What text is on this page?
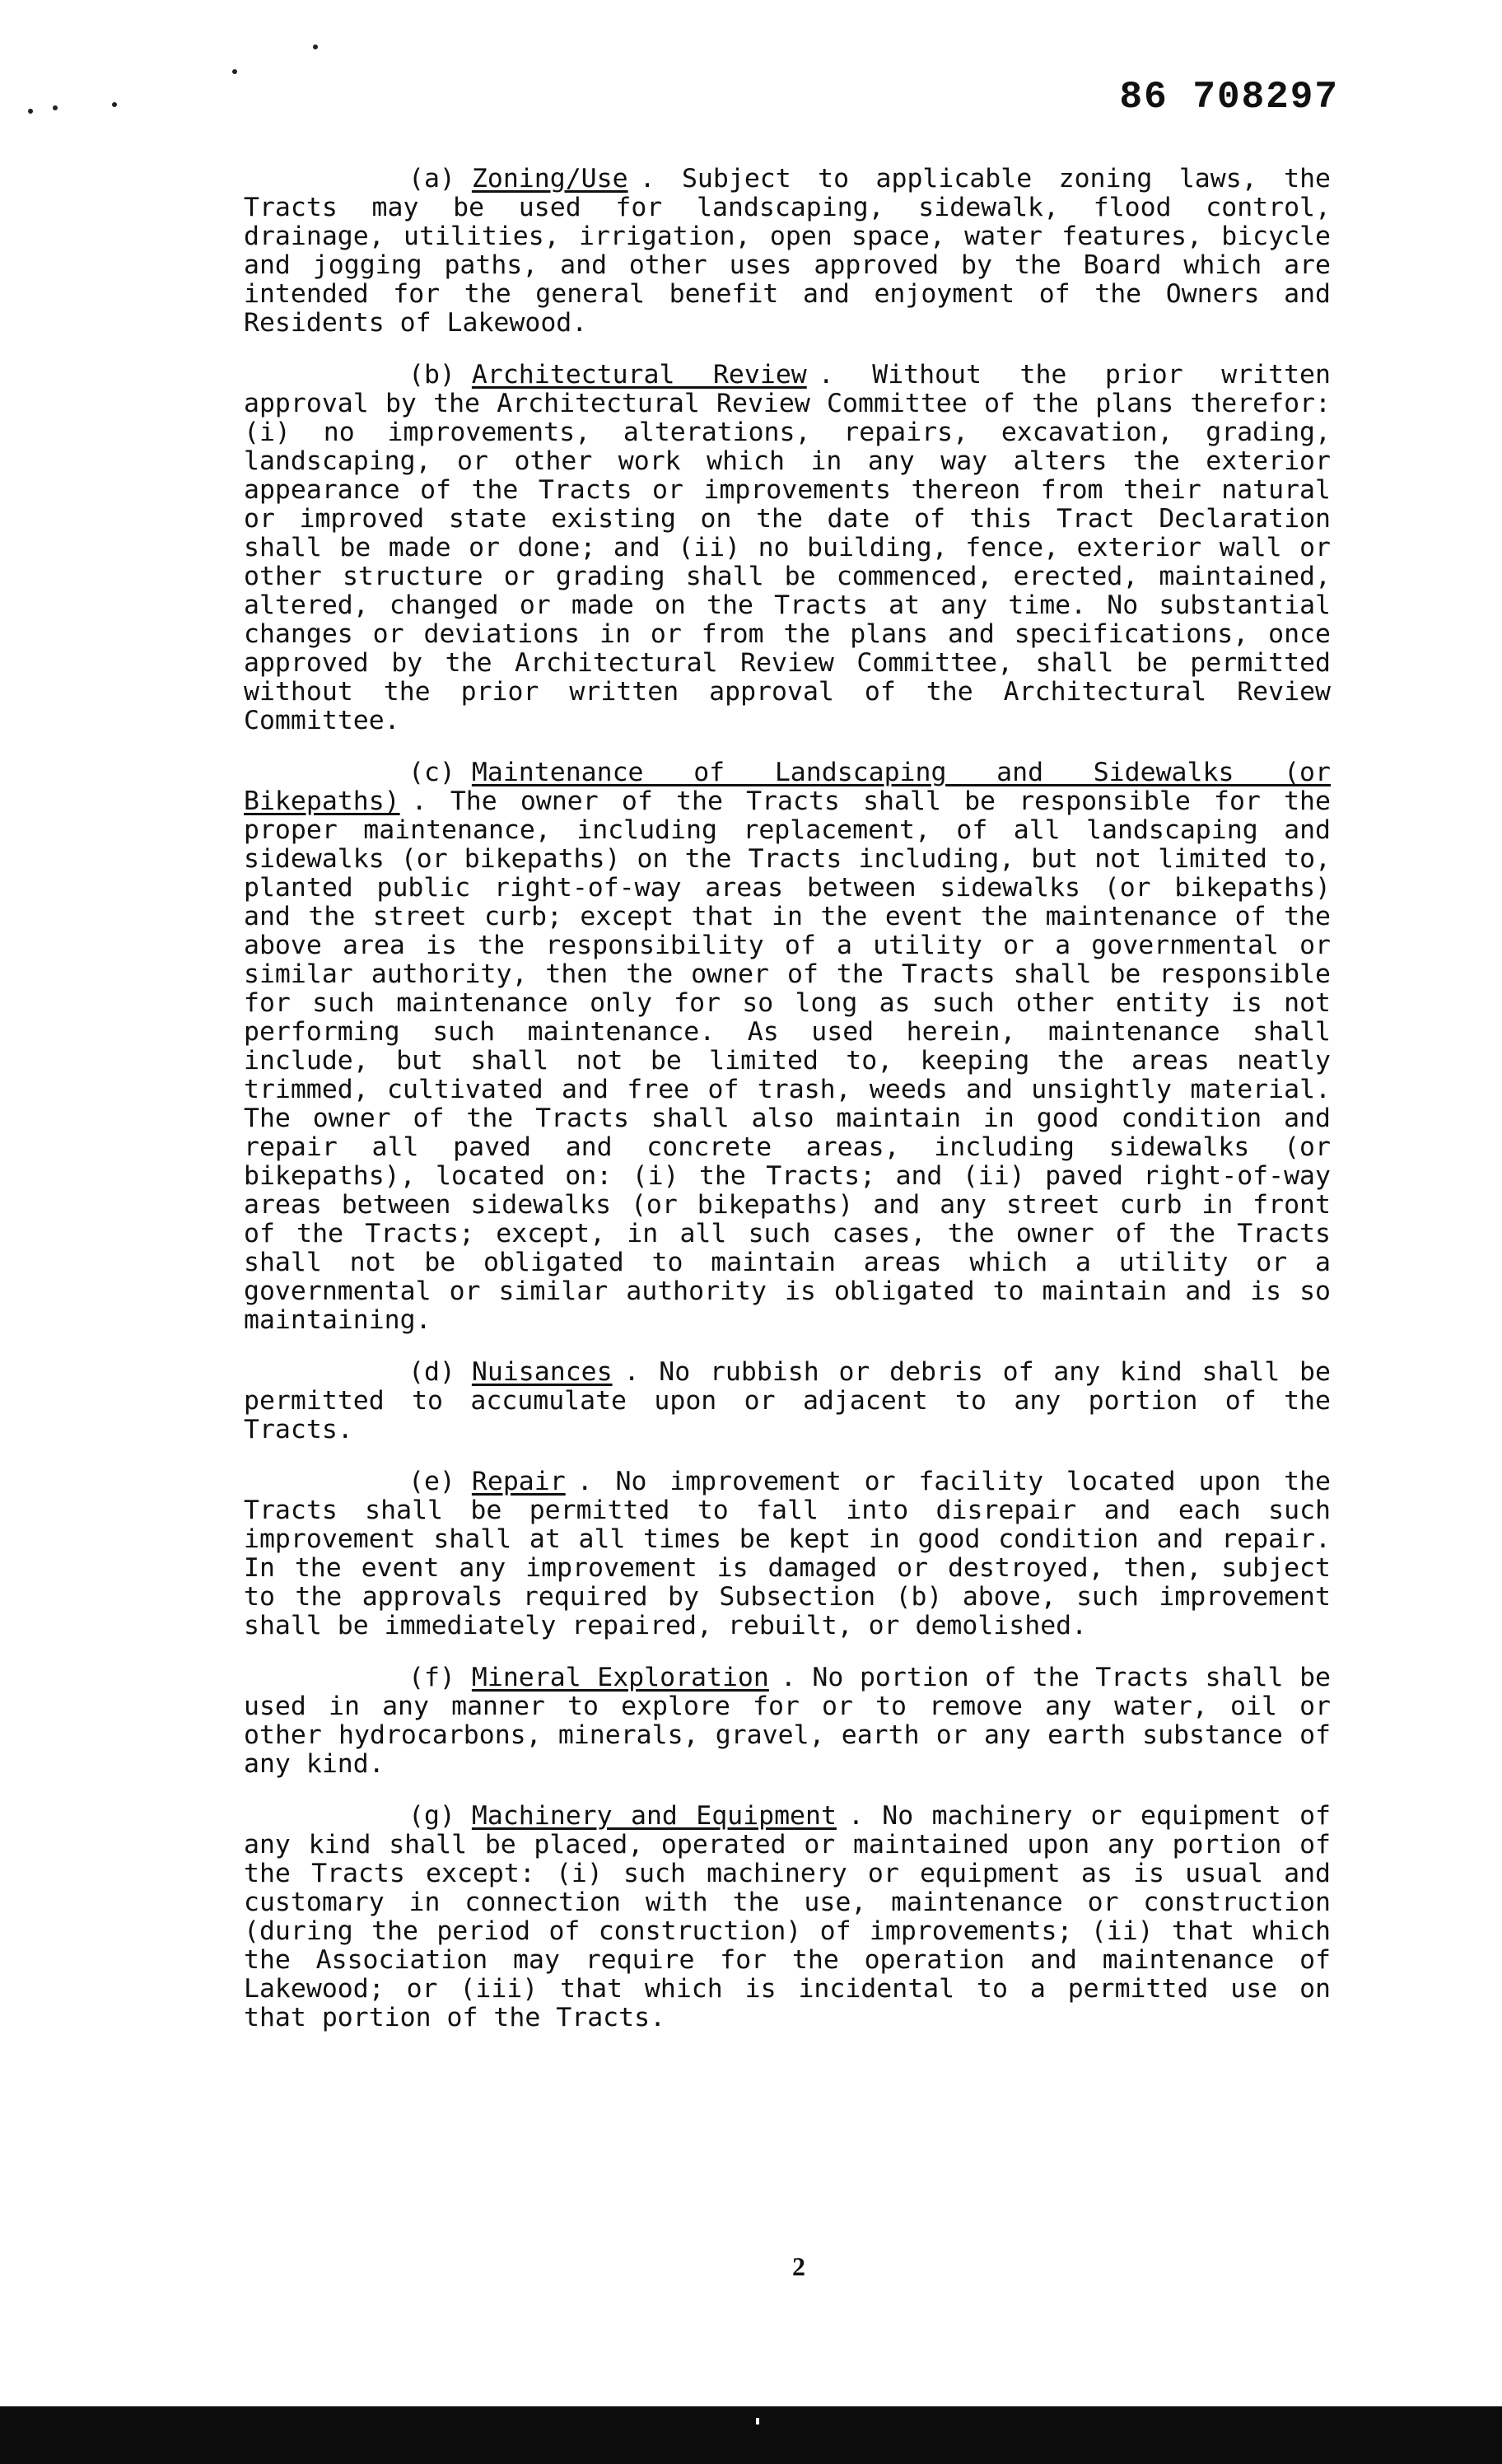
86 708297

(a) Zoning/Use . Subject to applicable zoning laws, the Tracts may be used for landscaping, sidewalk, flood control, drainage, utilities, irrigation, open space, water features, bicycle and jogging paths, and other uses approved by the Board which are intended for the general benefit and enjoyment of the Owners and Residents of Lakewood.

(b) Architectural Review . Without the prior written approval by the Architectural Review Committee of the plans therefor: (i) no improvements, alterations, repairs, excavation, grading, landscaping, or other work which in any way alters the exterior appearance of the Tracts or improvements thereon from their natural or improved state existing on the date of this Tract Declaration shall be made or done; and (ii) no building, fence, exterior wall or other structure or grading shall be commenced, erected, maintained, altered, changed or made on the Tracts at any time. No substantial changes or deviations in or from the plans and specifications, once approved by the Architectural Review Committee, shall be permitted without the prior written approval of the Architectural Review Committee.

(c) Maintenance of Landscaping and Sidewalks (or Bikepaths) . The owner of the Tracts shall be responsible for the proper maintenance, including replacement, of all landscaping and sidewalks (or bikepaths) on the Tracts including, but not limited to, planted public right-of-way areas between sidewalks (or bikepaths) and the street curb; except that in the event the maintenance of the above area is the responsibility of a utility or a governmental or similar authority, then the owner of the Tracts shall be responsible for such maintenance only for so long as such other entity is not performing such maintenance. As used herein, maintenance shall include, but shall not be limited to, keeping the areas neatly trimmed, cultivated and free of trash, weeds and unsightly material. The owner of the Tracts shall also maintain in good condition and repair all paved and concrete areas, including sidewalks (or bikepaths), located on: (i) the Tracts; and (ii) paved right-of-way areas between sidewalks (or bikepaths) and any street curb in front of the Tracts; except, in all such cases, the owner of the Tracts shall not be obligated to maintain areas which a utility or a governmental or similar authority is obligated to maintain and is so maintaining.

(d) Nuisances . No rubbish or debris of any kind shall be permitted to accumulate upon or adjacent to any portion of the Tracts.

(e) Repair . No improvement or facility located upon the Tracts shall be permitted to fall into disrepair and each such improvement shall at all times be kept in good condition and repair. In the event any improvement is damaged or destroyed, then, subject to the approvals required by Subsection (b) above, such improvement shall be immediately repaired, rebuilt, or demolished.

(f) Mineral Exploration . No portion of the Tracts shall be used in any manner to explore for or to remove any water, oil or other hydrocarbons, minerals, gravel, earth or any earth substance of any kind.

(g) Machinery and Equipment . No machinery or equipment of any kind shall be placed, operated or maintained upon any portion of the Tracts except: (i) such machinery or equipment as is usual and customary in connection with the use, maintenance or construction (during the period of construction) of improvements; (ii) that which the Association may require for the operation and maintenance of Lakewood; or (iii) that which is incidental to a permitted use on that portion of the Tracts.

2
